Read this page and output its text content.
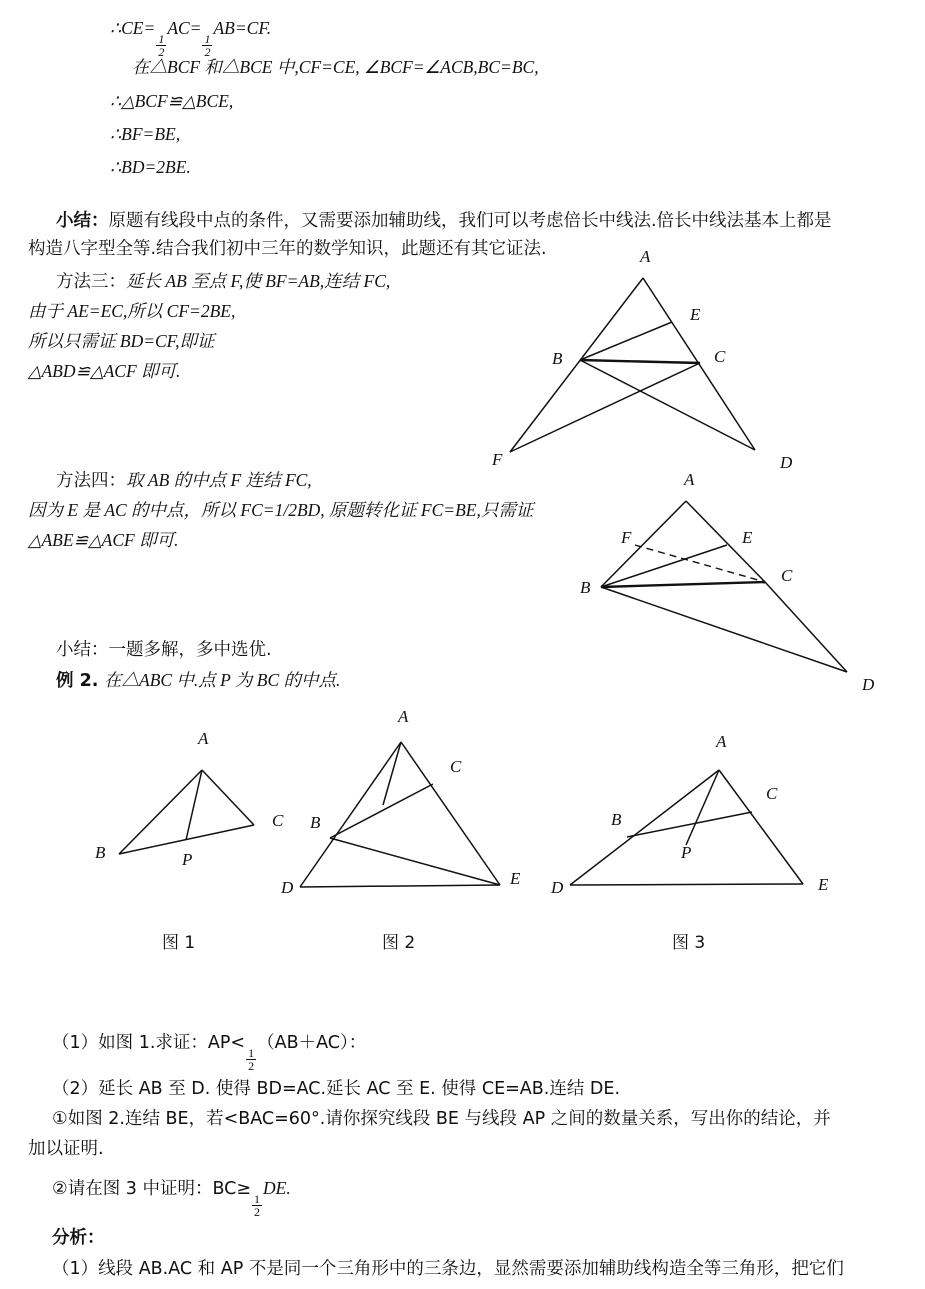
∴CE=
$\frac{1}{2}$
AC=
$\frac{1}{2}$
AB=CF.
在△BCF 和△BCE 中,CF=CE, ∠BCF=∠ACB,BC=BC,
∴△BCF≌△BCE,
∴BF=BE,
∴BD=2BE.
小结：原题有线段中点的条件，又需要添加辅助线，我们可以考虑倍长中线法.倍长中线法基本上都是
构造八字型全等.结合我们初中三年的数学知识，此题还有其它证法.
方法三：延长 AB 至点 F,使 BF=AB,连结 FC,
由于 AE=EC,所以 CF=2BE,
所以只需证 BD=CF,即证
△ABD≌△ACF 即可.
A
B	C
E
F	D
方法四：取 AB 的中点 F 连结 FC,
因为 E 是 AC 的中点，所以 FC=1/2BD, 原题转化证 FC=BE,只需证
△ABE≌△ACF 即可.
A
B
C
E
F
D
小结：一题多解，多中选优.
例 2. 在△ABC 中.点 P 为 BC 的中点.
A
B
C
P
A
B
C
D	E
A
B
C
D	E
P
图 1	图 2	图 3
（1）如图 1.求证：AP<
$\frac{1}{2}$
（AB＋AC）：
（2）延长 AB 至 D. 使得 BD=AC.延长 AC 至 E. 使得 CE=AB.连结 DE.
①如图 2.连结 BE，若<BAC=60°.请你探究线段 BE 与线段 AP 之间的数量关系，写出你的结论，并
加以证明.
②请在图 3 中证明：BC≥
$\frac{1}{2}$
DE.
分析：
（1）线段 AB.AC 和 AP 不是同一个三角形中的三条边，显然需要添加辅助线构造全等三角形，把它们
